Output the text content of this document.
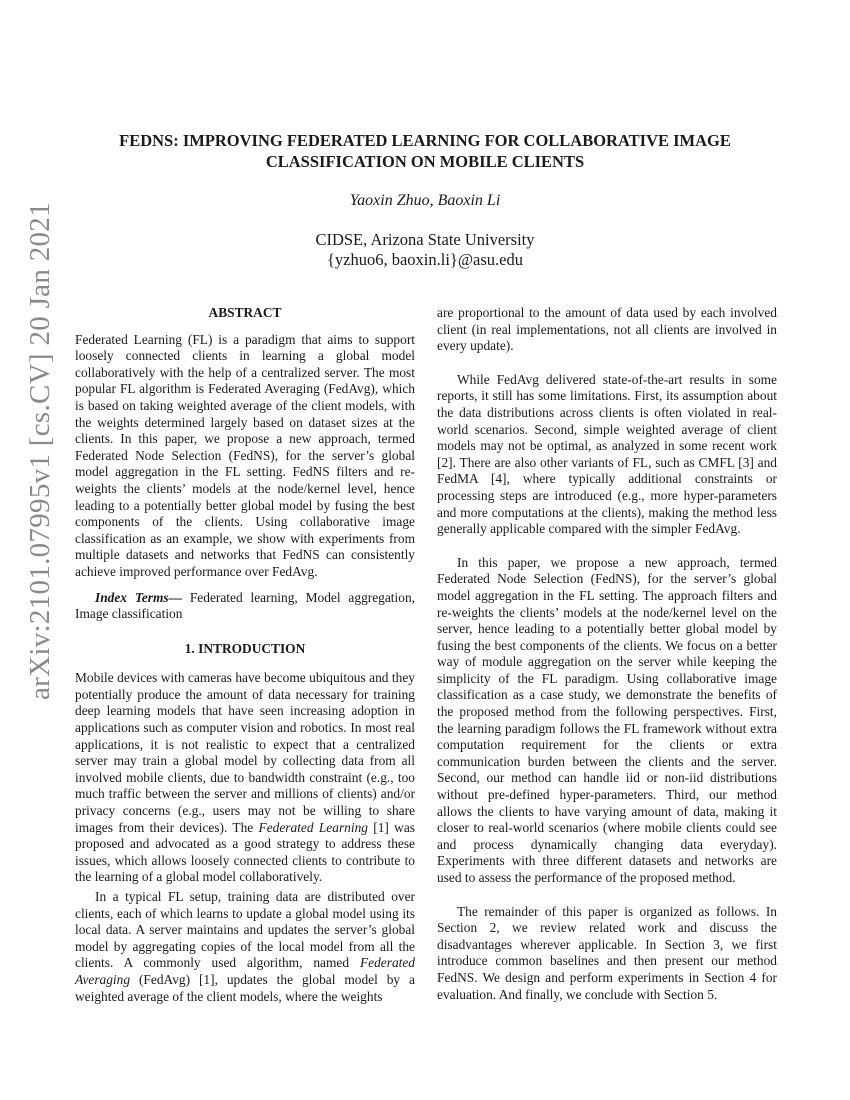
arXiv:2101.07995v1 [cs.CV] 20 Jan 2021
FEDNS: IMPROVING FEDERATED LEARNING FOR COLLABORATIVE IMAGE
CLASSIFICATION ON MOBILE CLIENTS

Yaoxin Zhuo, Baoxin Li

CIDSE, Arizona State University
{yzhuo6, baoxin.li}@asu.edu
ABSTRACT

Federated Learning (FL) is a paradigm that aims to support loosely connected clients in learning a global model collaboratively with the help of a centralized server. The most popular FL algorithm is Federated Averaging (FedAvg), which is based on taking weighted average of the client models, with the weights determined largely based on dataset sizes at the clients. In this paper, we propose a new approach, termed Federated Node Selection (FedNS), for the server’s global model aggregation in the FL setting. FedNS filters and re-weights the clients’ models at the node/kernel level, hence leading to a potentially better global model by fusing the best components of the clients. Using collaborative image classification as an example, we show with experiments from multiple datasets and networks that FedNS can consistently achieve improved performance over FedAvg.

Index Terms— Federated learning, Model aggregation, Image classification

1. INTRODUCTION

Mobile devices with cameras have become ubiquitous and they potentially produce the amount of data necessary for training deep learning models that have seen increasing adoption in applications such as computer vision and robotics. In most real applications, it is not realistic to expect that a centralized server may train a global model by collecting data from all involved mobile clients, due to bandwidth constraint (e.g., too much traffic between the server and millions of clients) and/or privacy concerns (e.g., users may not be willing to share images from their devices). The Federated Learning [1] was proposed and advocated as a good strategy to address these issues, which allows loosely connected clients to contribute to the learning of a global model collaboratively.

In a typical FL setup, training data are distributed over clients, each of which learns to update a global model using its local data. A server maintains and updates the server’s global model by aggregating copies of the local model from all the clients. A commonly used algorithm, named Federated Averaging (FedAvg) [1], updates the global model by a weighted average of the client models, where the weights

are proportional to the amount of data used by each involved client (in real implementations, not all clients are involved in every update).

While FedAvg delivered state-of-the-art results in some reports, it still has some limitations. First, its assumption about the data distributions across clients is often violated in real-world scenarios. Second, simple weighted average of client models may not be optimal, as analyzed in some recent work [2]. There are also other variants of FL, such as CMFL [3] and FedMA [4], where typically additional constraints or processing steps are introduced (e.g., more hyper-parameters and more computations at the clients), making the method less generally applicable compared with the simpler FedAvg.

In this paper, we propose a new approach, termed Federated Node Selection (FedNS), for the server’s global model aggregation in the FL setting. The approach filters and re-weights the clients’ models at the node/kernel level on the server, hence leading to a potentially better global model by fusing the best components of the clients. We focus on a better way of module aggregation on the server while keeping the simplicity of the FL paradigm. Using collaborative image classification as a case study, we demonstrate the benefits of the proposed method from the following perspectives. First, the learning paradigm follows the FL framework without extra computation requirement for the clients or extra communication burden between the clients and the server. Second, our method can handle iid or non-iid distributions without pre-defined hyper-parameters. Third, our method allows the clients to have varying amount of data, making it closer to real-world scenarios (where mobile clients could see and process dynamically changing data everyday). Experiments with three different datasets and networks are used to assess the performance of the proposed method.

The remainder of this paper is organized as follows. In Section 2, we review related work and discuss the disadvantages wherever applicable. In Section 3, we first introduce common baselines and then present our method FedNS. We design and perform experiments in Section 4 for evaluation. And finally, we conclude with Section 5.
